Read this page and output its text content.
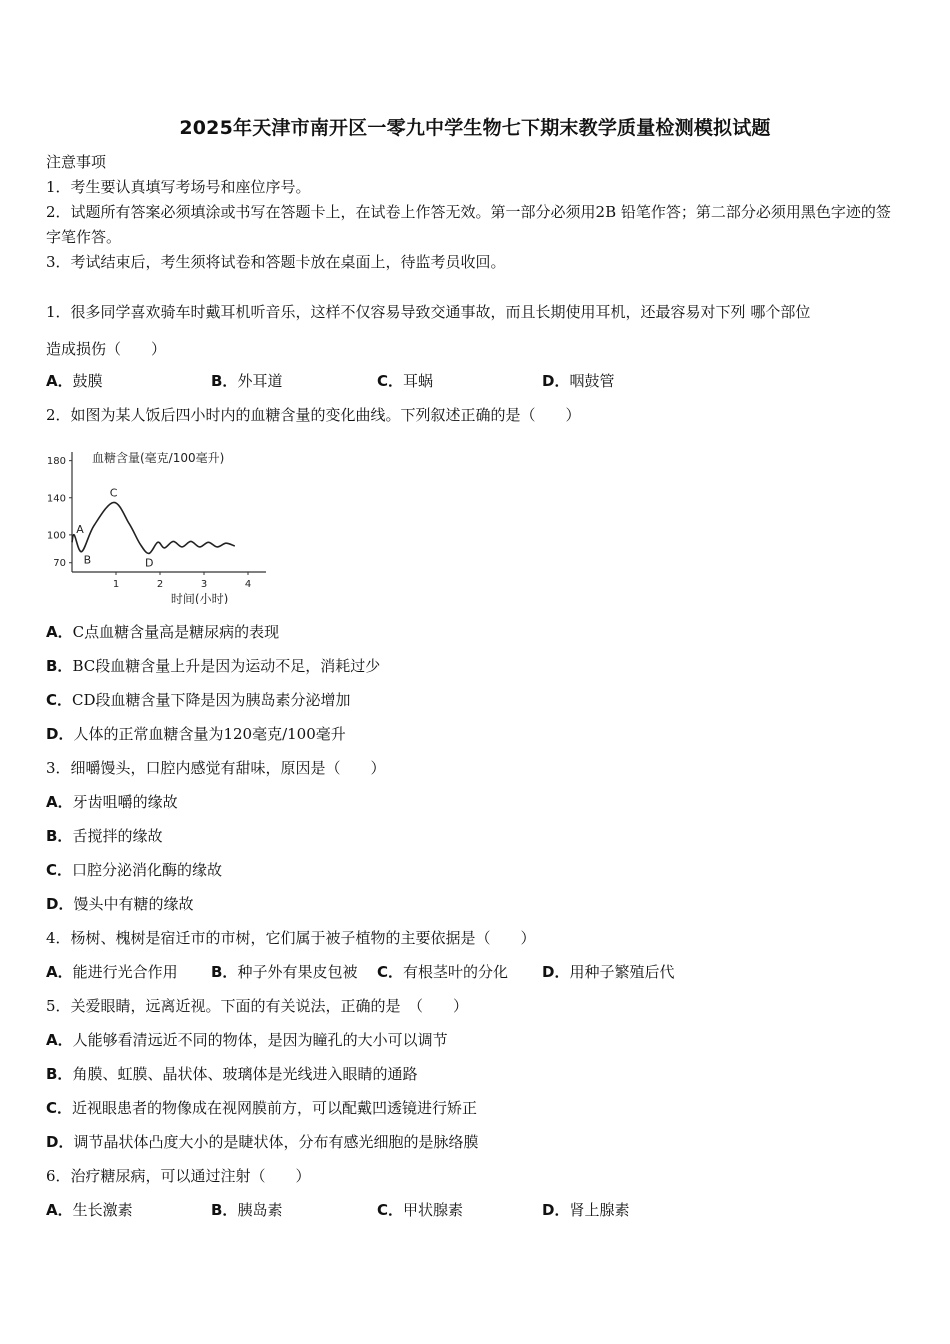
2025年天津市南开区一零九中学生物七下期末教学质量检测模拟试题
注意事项
1．考生要认真填写考场号和座位序号。
2．试题所有答案必须填涂或书写在答题卡上，在试卷上作答无效。第一部分必须用2B 铅笔作答；第二部分必须用黑色字迹的签字笔作答。
3．考试结束后，考生须将试卷和答题卡放在桌面上，待监考员收回。
1．很多同学喜欢骑车时戴耳机听音乐，这样不仅容易导致交通事故，而且长期使用耳机，还最容易对下列 哪个部位
造成损伤（　　）
A．鼓膜	B．外耳道	C．耳蜗	D．咽鼓管
2．如图为某人饭后四小时内的血糖含量的变化曲线。下列叙述正确的是（　　）
180
140
100
70
1	2	3	4
血糖含量(毫克/100毫升)
时间(小时)
A
B
C
D
A．C点血糖含量高是糖尿病的表现
B．BC段血糖含量上升是因为运动不足，消耗过少
C．CD段血糖含量下降是因为胰岛素分泌增加
D．人体的正常血糖含量为120毫克/100毫升
3．细嚼馒头，口腔内感觉有甜味，原因是（　　）
A．牙齿咀嚼的缘故
B．舌搅拌的缘故
C．口腔分泌消化酶的缘故
D．馒头中有糖的缘故
4．杨树、槐树是宿迁市的市树，它们属于被子植物的主要依据是（　　）
A．能进行光合作用 B．种子外有果皮包被 C．有根茎叶的分化 D．用种子繁殖后代
5．关爱眼睛，远离近视。下面的有关说法，正确的是　（　　）
A．人能够看清远近不同的物体，是因为瞳孔的大小可以调节
B．角膜、虹膜、晶状体、玻璃体是光线进入眼睛的通路
C．近视眼患者的物像成在视网膜前方，可以配戴凹透镜进行矫正
D．调节晶状体凸度大小的是睫状体，分布有感光细胞的是脉络膜
6．治疗糖尿病，可以通过注射（　　）
A．生长激素	B．胰岛素	C．甲状腺素	D．肾上腺素
